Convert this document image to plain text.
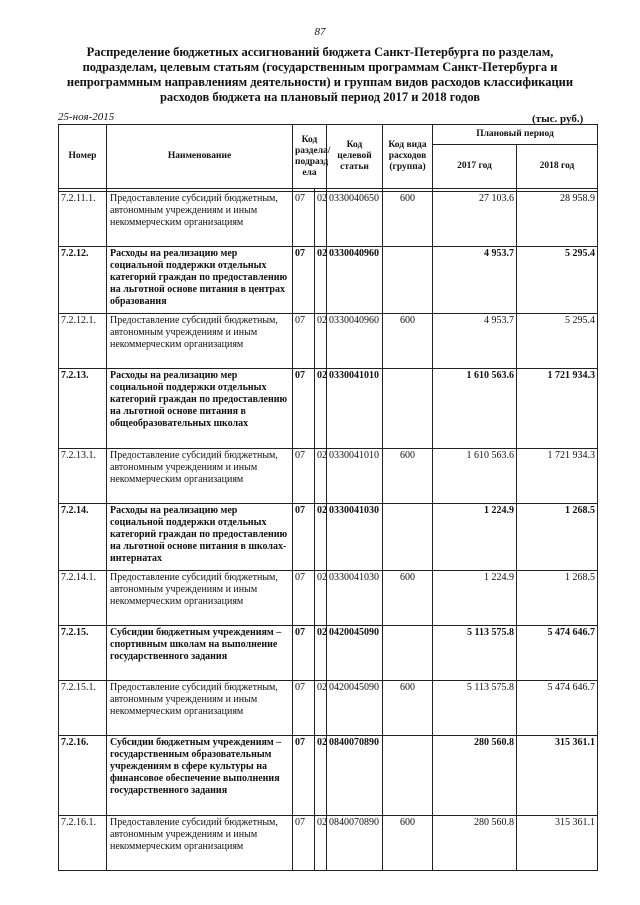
87
Распределение бюджетных ассигнований бюджета Санкт-Петербурга по разделам, подразделам, целевым статьям (государственным программам Санкт-Петербурга и непрограммным направлениям деятельности) и группам видов расходов классификации расходов бюджета на плановый период 2017 и 2018 годов
25-ноя-2015	(тыс. руб.)
Номер	Наименование	Код раздела/ подразд ела		Код целевой статьи	Код вида расходов (группа)	Плановый период	
						2017 год	2018 год

7.2.11.1.	Предоставление субсидий бюджетным, автономным учреждениям и иным некоммерческим организациям	07	02	0330040650	600	27 103.6	28 958.9
7.2.12.	Расходы на реализацию мер социальной поддержки отдельных категорий граждан по предоставлению на льготной основе питания в центрах образования	07	02	0330040960		4 953.7	5 295.4
7.2.12.1.	Предоставление субсидий бюджетным, автономным учреждениям и иным некоммерческим организациям	07	02	0330040960	600	4 953.7	5 295.4
7.2.13.	Расходы на реализацию мер социальной поддержки отдельных категорий граждан по предоставлению на льготной основе питания в общеобразовательных школах	07	02	0330041010		1 610 563.6	1 721 934.3
7.2.13.1.	Предоставление субсидий бюджетным, автономным учреждениям и иным некоммерческим организациям	07	02	0330041010	600	1 610 563.6	1 721 934.3
7.2.14.	Расходы на реализацию мер социальной поддержки отдельных категорий граждан по предоставлению на льготной основе питания в школах-интернатах	07	02	0330041030		1 224.9	1 268.5
7.2.14.1.	Предоставление субсидий бюджетным, автономным учреждениям и иным некоммерческим организациям	07	02	0330041030	600	1 224.9	1 268.5
7.2.15.	Субсидии бюджетным учреждениям – спортивным школам на выполнение государственного задания	07	02	0420045090		5 113 575.8	5 474 646.7
7.2.15.1.	Предоставление субсидий бюджетным, автономным учреждениям и иным некоммерческим организациям	07	02	0420045090	600	5 113 575.8	5 474 646.7
7.2.16.	Субсидии бюджетным учреждениям – государственным образовательным учреждениям в сфере культуры на финансовое обеспечение выполнения государственного задания	07	02	0840070890		280 560.8	315 361.1
7.2.16.1.	Предоставление субсидий бюджетным, автономным учреждениям и иным некоммерческим организациям	07	02	0840070890	600	280 560.8	315 361.1
